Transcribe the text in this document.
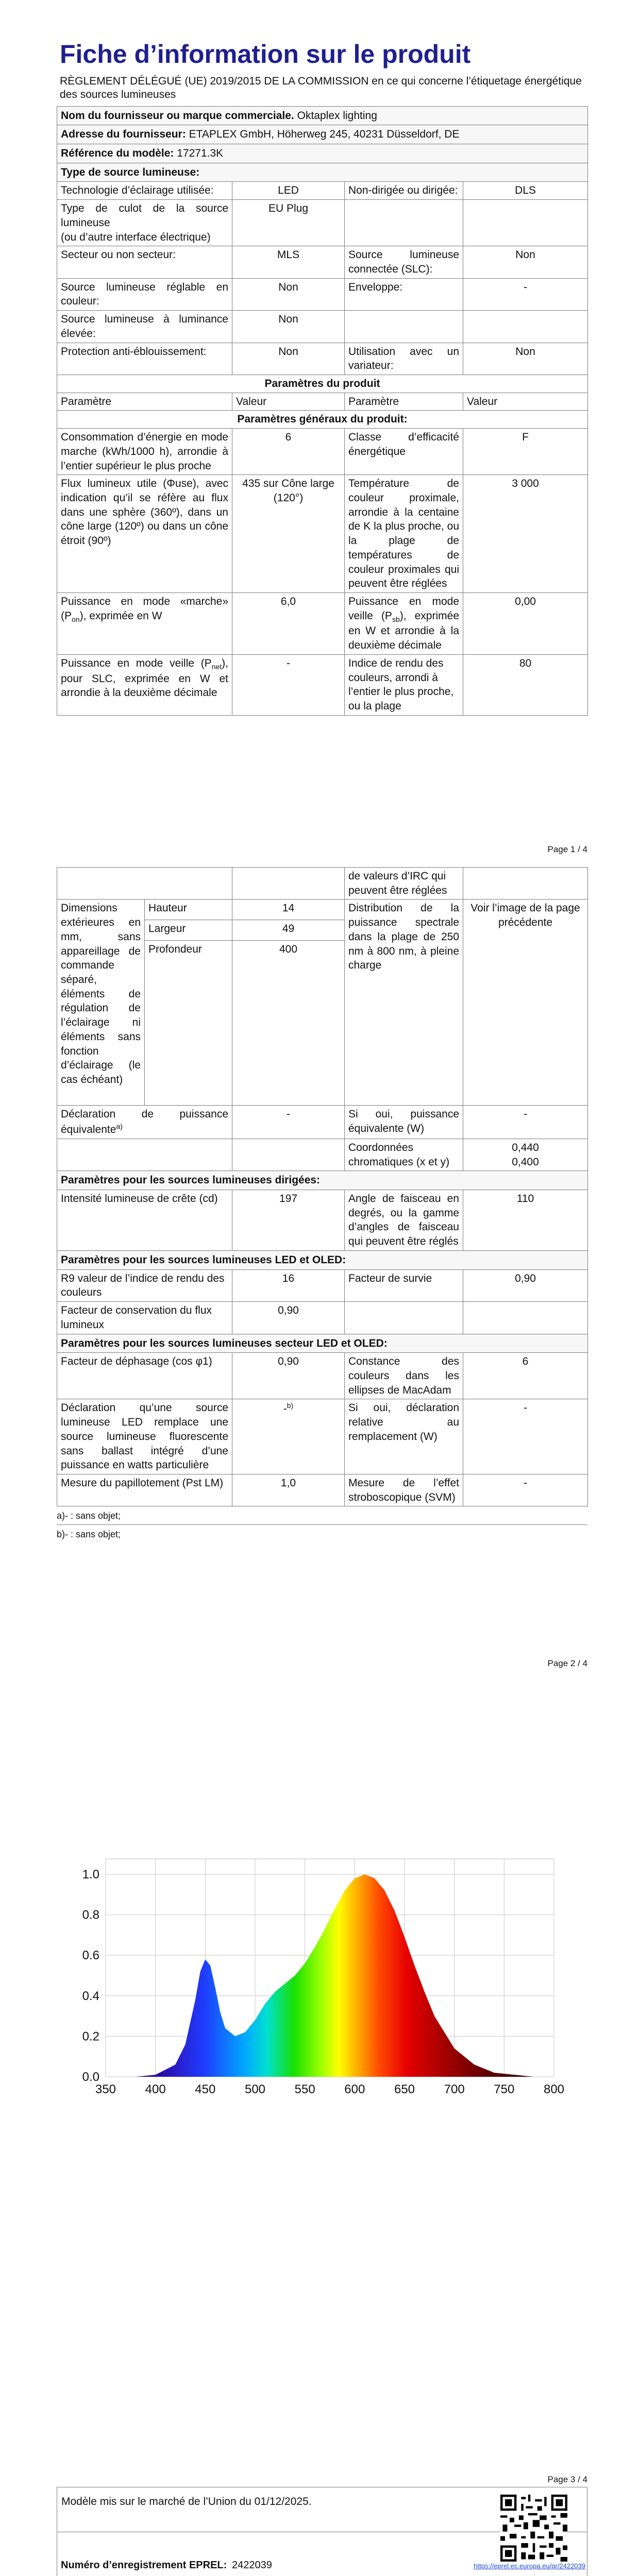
Fiche d’information sur le produit
RÈGLEMENT DÉLÉGUÉ (UE) 2019/2015 DE LA COMMISSION en ce qui concerne l’étiquetage énergétique des sources lumineuses
Nom du fournisseur ou marque commerciale. Oktaplex lighting			
Adresse du fournisseur: ETAPLEX GmbH, Höherweg 245, 40231 Düsseldorf, DE			
Référence du modèle: 17271.3K			
Type de source lumineuse:			
Technologie d’éclairage utilisée:	LED	Non-dirigée ou dirigée:	DLS
Type de culot de la source lumineuse
(ou d’autre interface électrique)	EU Plug		
Secteur ou non secteur:	MLS	Source lumineuse connectée (SLC):	Non
Source lumineuse réglable en couleur:	Non	Enveloppe:	-
Source lumineuse à luminance élevée:	Non		
Protection anti-éblouissement:	Non	Utilisation avec un variateur:	Non
Paramètres du produit			
Paramètre	Valeur	Paramètre	Valeur
Paramètres généraux du produit:			
Consommation d’énergie en mode marche (kWh/1000 h), arrondie à l’entier supérieur le plus proche	6	Classe d’efficacité énergétique	F
Flux lumineux utile (Φuse), avec indication qu’il se réfère au flux dans une sphère (360º), dans un cône large (120º) ou dans un cône étroit (90º)	435 sur Cône large (120°)	Température de couleur proximale, arrondie à la centaine de K la plus proche, ou la plage de températures de couleur proximales qui peuvent être réglées	3 000
Puissance en mode «marche» $(P_{on})$, exprimée en W	6,0	Puissance en mode veille $(P_{sb})$, exprimée en W et arrondie à la deuxième décimale	0,00
Puissance en mode veille $(P_{net})$, pour SLC, exprimée en W et arrondie à la deuxième décimale	-	Indice de rendu des couleurs, arrondi à l’entier le plus proche, ou la plage	80
Page 1 / 4
			de valeurs d’IRC qui peuvent être réglées	
Dimensions extérieures en mm, sans appareillage de commande séparé, éléments de régulation de l’éclairage ni éléments sans fonction d’éclairage (le cas échéant)	Hauteur	14	Distribution de la puissance spectrale dans la plage de 250 nm à 800 nm, à pleine charge	Voir l’image de la page précédente
	Largeur	49		
	Profondeur	400		
Déclaration de puissance équivalente$^{a)}$		-	Si oui, puissance équivalente (W)	-
			Coordonnées chromatiques (x et y)	0,440
0,400

Paramètres pour les sources lumineuses dirigées:				
Intensité lumineuse de crête (cd)		197	Angle de faisceau en degrés, ou la gamme d’angles de faisceau qui peuvent être réglés	110
Paramètres pour les sources lumineuses LED et OLED:				
R9 valeur de l’indice de rendu des couleurs		16	Facteur de survie	0,90
Facteur de conservation du flux lumineux		0,90		
Paramètres pour les sources lumineuses secteur LED et OLED:				
Facteur de déphasage (cos φ1)		0,90	Constance des couleurs dans les ellipses de MacAdam	6
Déclaration qu’une source lumineuse LED remplace une source lumineuse fluorescente sans ballast intégré d’une puissance en watts particulière		-$^{b)}$	Si oui, déclaration relative au remplacement (W)	-
Mesure du papillotement (Pst LM)		1,0	Mesure de l’effet stroboscopique (SVM)	-
a)- : sans objet;
b)- : sans objet;
Page 2 / 4
350 400 450 500 550 600 650 700 750 800
0.0
0.2
0.4
0.6
0.8
1.0
Page 3 / 4
Modèle mis sur le marché de l’Union du 01/12/2025.
Numéro d’enregistrement EPREL: 2422039	https://eprel.ec.europa.eu/qr/2422039
